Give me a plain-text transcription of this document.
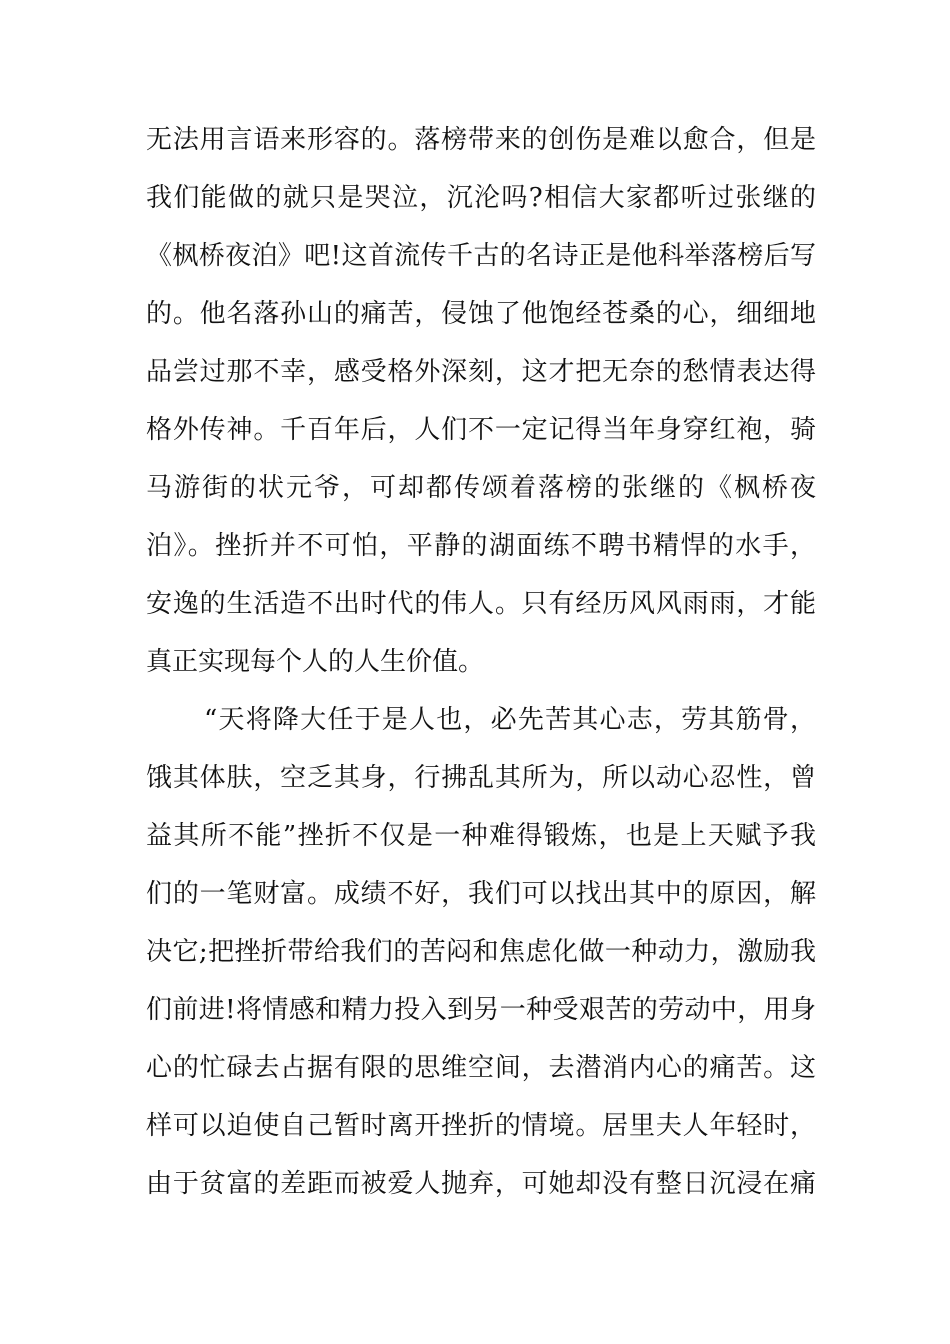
无法用言语来形容的。落榜带来的创伤是难以愈合，但是
我们能做的就只是哭泣，沉沦吗?相信大家都听过张继的
《枫桥夜泊》吧!这首流传千古的名诗正是他科举落榜后写
的。他名落孙山的痛苦，侵蚀了他饱经苍桑的心，细细地
品尝过那不幸，感受格外深刻，这才把无奈的愁情表达得
格外传神。千百年后，人们不一定记得当年身穿红袍，骑
马游街的状元爷，可却都传颂着落榜的张继的《枫桥夜
泊》。挫折并不可怕，平静的湖面练不聘书精悍的水手，
安逸的生活造不出时代的伟人。只有经历风风雨雨，才能
真正实现每个人的人生价值。
“天将降大任于是人也，必先苦其心志，劳其筋骨，
饿其体肤，空乏其身，行拂乱其所为，所以动心忍性，曾
益其所不能”挫折不仅是一种难得锻炼，也是上天赋予我
们的一笔财富。成绩不好，我们可以找出其中的原因，解
决它;把挫折带给我们的苦闷和焦虑化做一种动力，激励我
们前进!将情感和精力投入到另一种受艰苦的劳动中，用身
心的忙碌去占据有限的思维空间，去潜消内心的痛苦。这
样可以迫使自己暂时离开挫折的情境。居里夫人年轻时，
由于贫富的差距而被爱人抛弃，可她却没有整日沉浸在痛
